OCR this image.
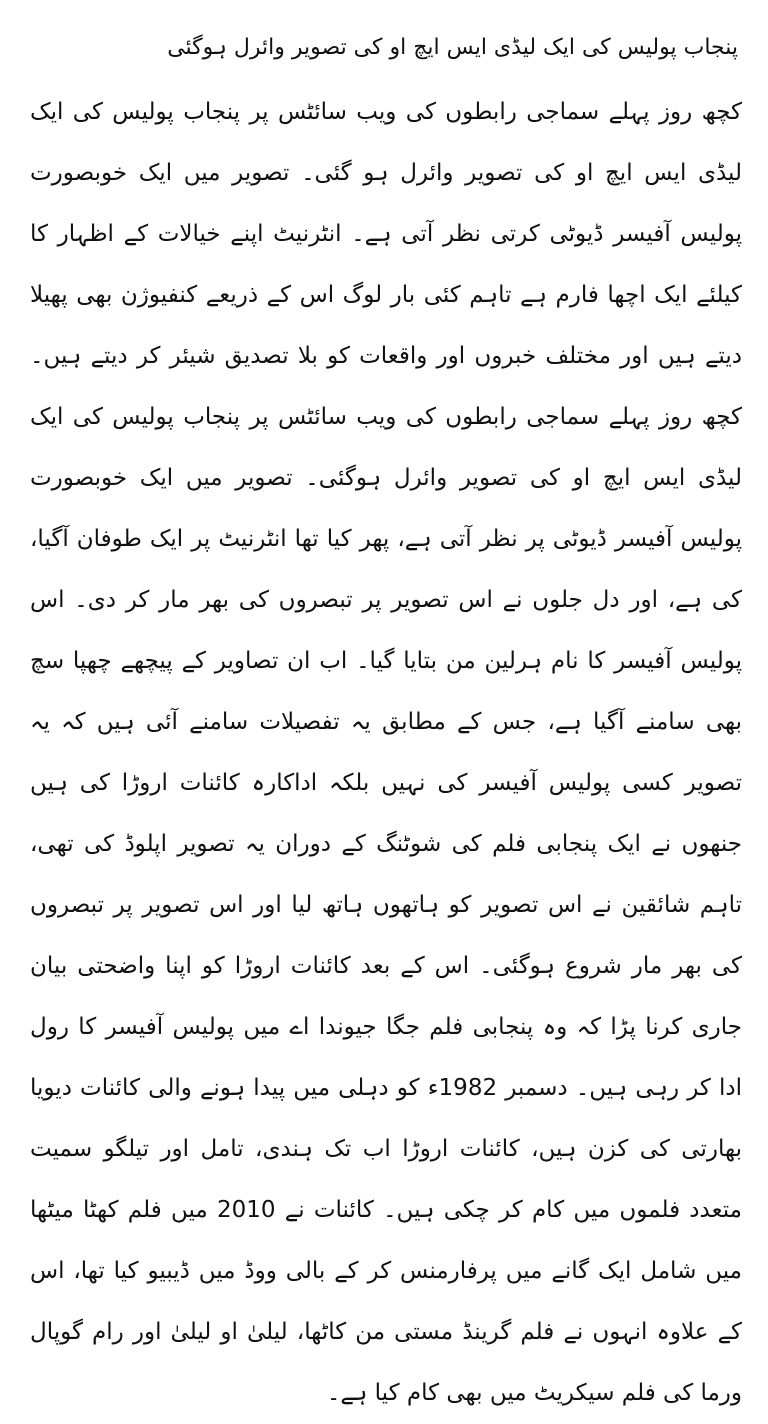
پنجاب پولیس کی ایک لیڈی ایس ایچ او کی تصویر وائرل ہوگئی

کچھ روز پہلے سماجی رابطوں کی ویب سائٹس پر پنجاب پولیس کی ایک لیڈی ایس ایچ او کی تصویر وائرل ہو گئی۔ تصویر میں ایک خوبصورت پولیس آفیسر ڈیوٹی کرتی نظر آتی ہے۔ انٹرنیٹ اپنے خیالات کے اظہار کا کیلئے ایک اچھا فارم ہے تاہم کئی بار لوگ اس کے ذریعے کنفیوژن بھی پھیلا دیتے ہیں اور مختلف خبروں اور واقعات کو بلا تصدیق شیئر کر دیتے ہیں۔ کچھ روز پہلے سماجی رابطوں کی ویب سائٹس پر پنجاب پولیس کی ایک لیڈی ایس ایچ او کی تصویر وائرل ہوگئی۔ تصویر میں ایک خوبصورت پولیس آفیسر ڈیوٹی پر نظر آتی ہے، پھر کیا تھا انٹرنیٹ پر ایک طوفان آگیا، کی ہے، اور دل جلوں نے اس تصویر پر تبصروں کی بھر مار کر دی۔ اس پولیس آفیسر کا نام ہرلین من بتایا گیا۔ اب ان تصاویر کے پیچھے چھپا سچ بھی سامنے آگیا ہے، جس کے مطابق یہ تفصیلات سامنے آئی ہیں کہ یہ تصویر کسی پولیس آفیسر کی نہیں بلکہ اداکارہ کائنات اروڑا کی ہیں جنھوں نے ایک پنجابی فلم کی شوٹنگ کے دوران یہ تصویر اپلوڈ کی تھی، تاہم شائقین نے اس تصویر کو ہاتھوں ہاتھ لیا اور اس تصویر پر تبصروں کی بھر مار شروع ہوگئی۔ اس کے بعد کائنات اروڑا کو اپنا واضحتی بیان جاری کرنا پڑا کہ وہ پنجابی فلم جگا جیوندا اے میں پولیس آفیسر کا رول ادا کر رہی ہیں۔ دسمبر 1982ء کو دہلی میں پیدا ہونے والی کائنات دیویا بھارتی کی کزن ہیں، کائنات اروڑا اب تک ہندی، تامل اور تیلگو سمیت متعدد فلموں میں کام کر چکی ہیں۔ کائنات نے 2010 میں فلم کھٹا میٹھا میں شامل ایک گانے میں پرفارمنس کر کے بالی ووڈ میں ڈیبیو کیا تھا، اس کے علاوہ انہوں نے فلم گرینڈ مستی من کاٹھا، لیلیٰ او لیلیٰ اور رام گوپال ورما کی فلم سیکریٹ میں بھی کام کیا ہے۔
